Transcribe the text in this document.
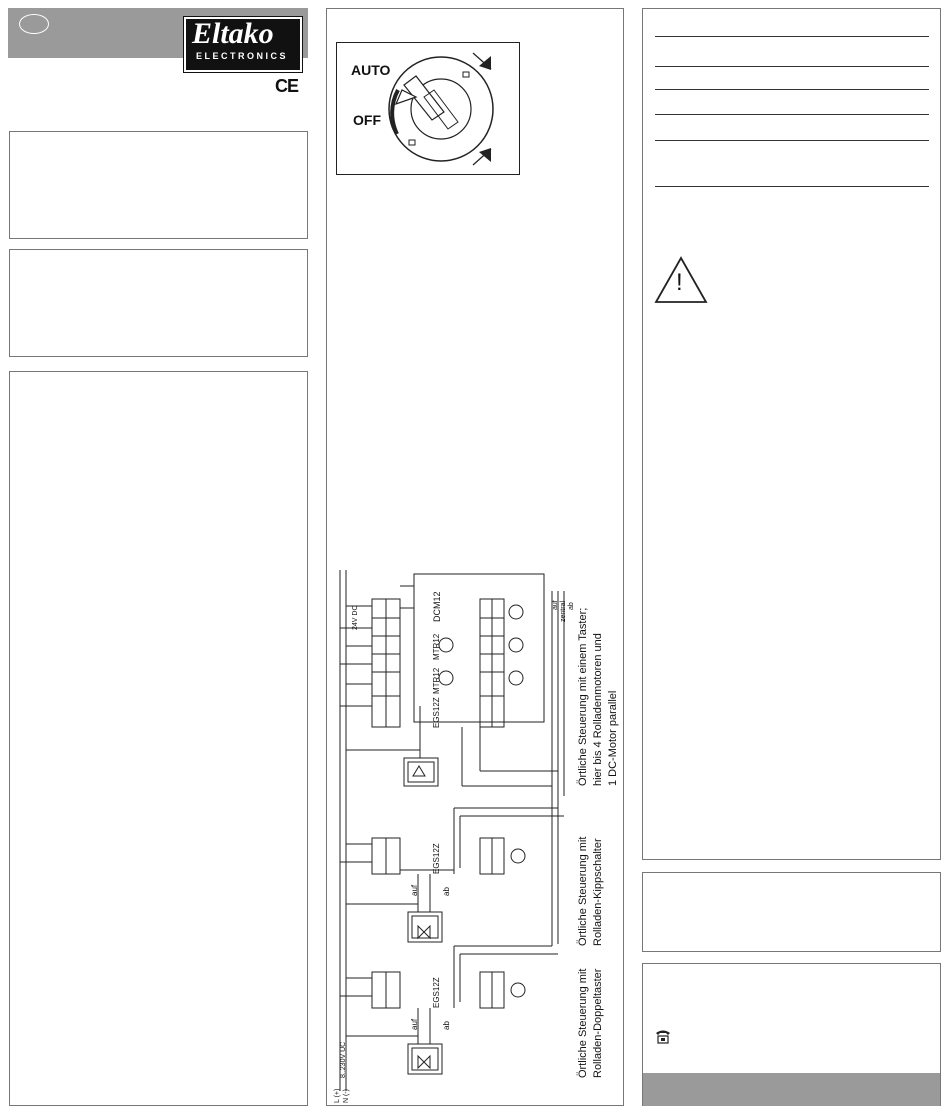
Eltako
ELECTRONICS
CE
AUTO
OFF
24V DC	DCM12
MTR12
MTR12
EGS12Z
EGS12Z
EGS12Z
auf zentral ab
auf	ab
auf	ab
8..230V UC
L (+) N (-)
Örtliche Steuerung mit einem Taster; hier bis 4 Rolladenmotoren und 1 DC-Motor parallel
Örtliche Steuerung mit Rolladen-Kippschalter
Örtliche Steuerung mit Rolladen-Doppeltaster
!
